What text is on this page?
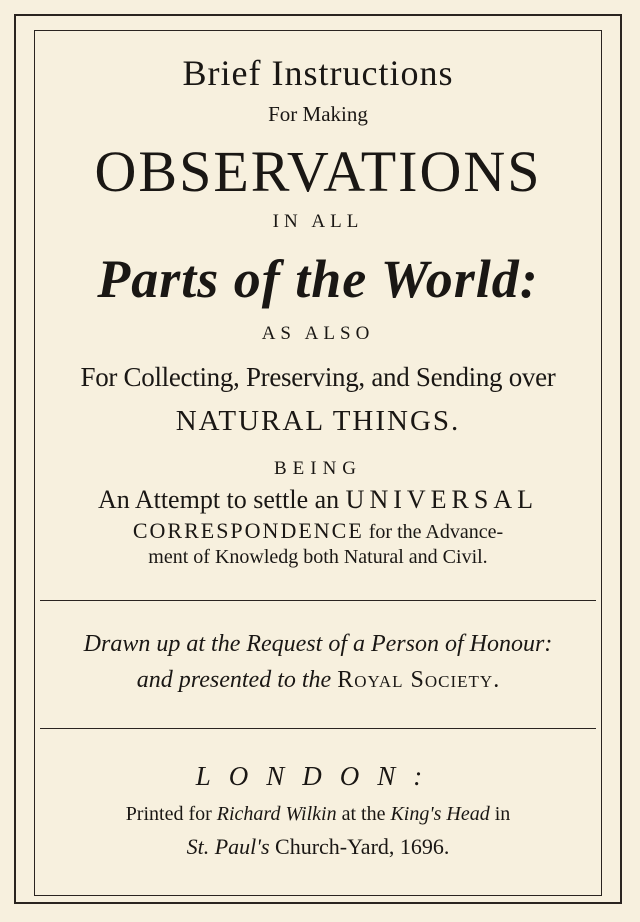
Brief Instructions
For Making
OBSERVATIONS
IN ALL
Parts of the World:
AS ALSO
For Collecting, Preserving, and Sending over
NATURAL THINGS.
BEING
An Attempt to settle an UNIVERSAL
CORRESPONDENCE for the Advance-
ment of Knowledg both Natural and Civil.
Drawn up at the Request of a Person of Honour:
and presented to the Royal Society.
LONDON:
Printed for Richard Wilkin at the King's Head in
St. Paul's Church-Yard, 1696.
